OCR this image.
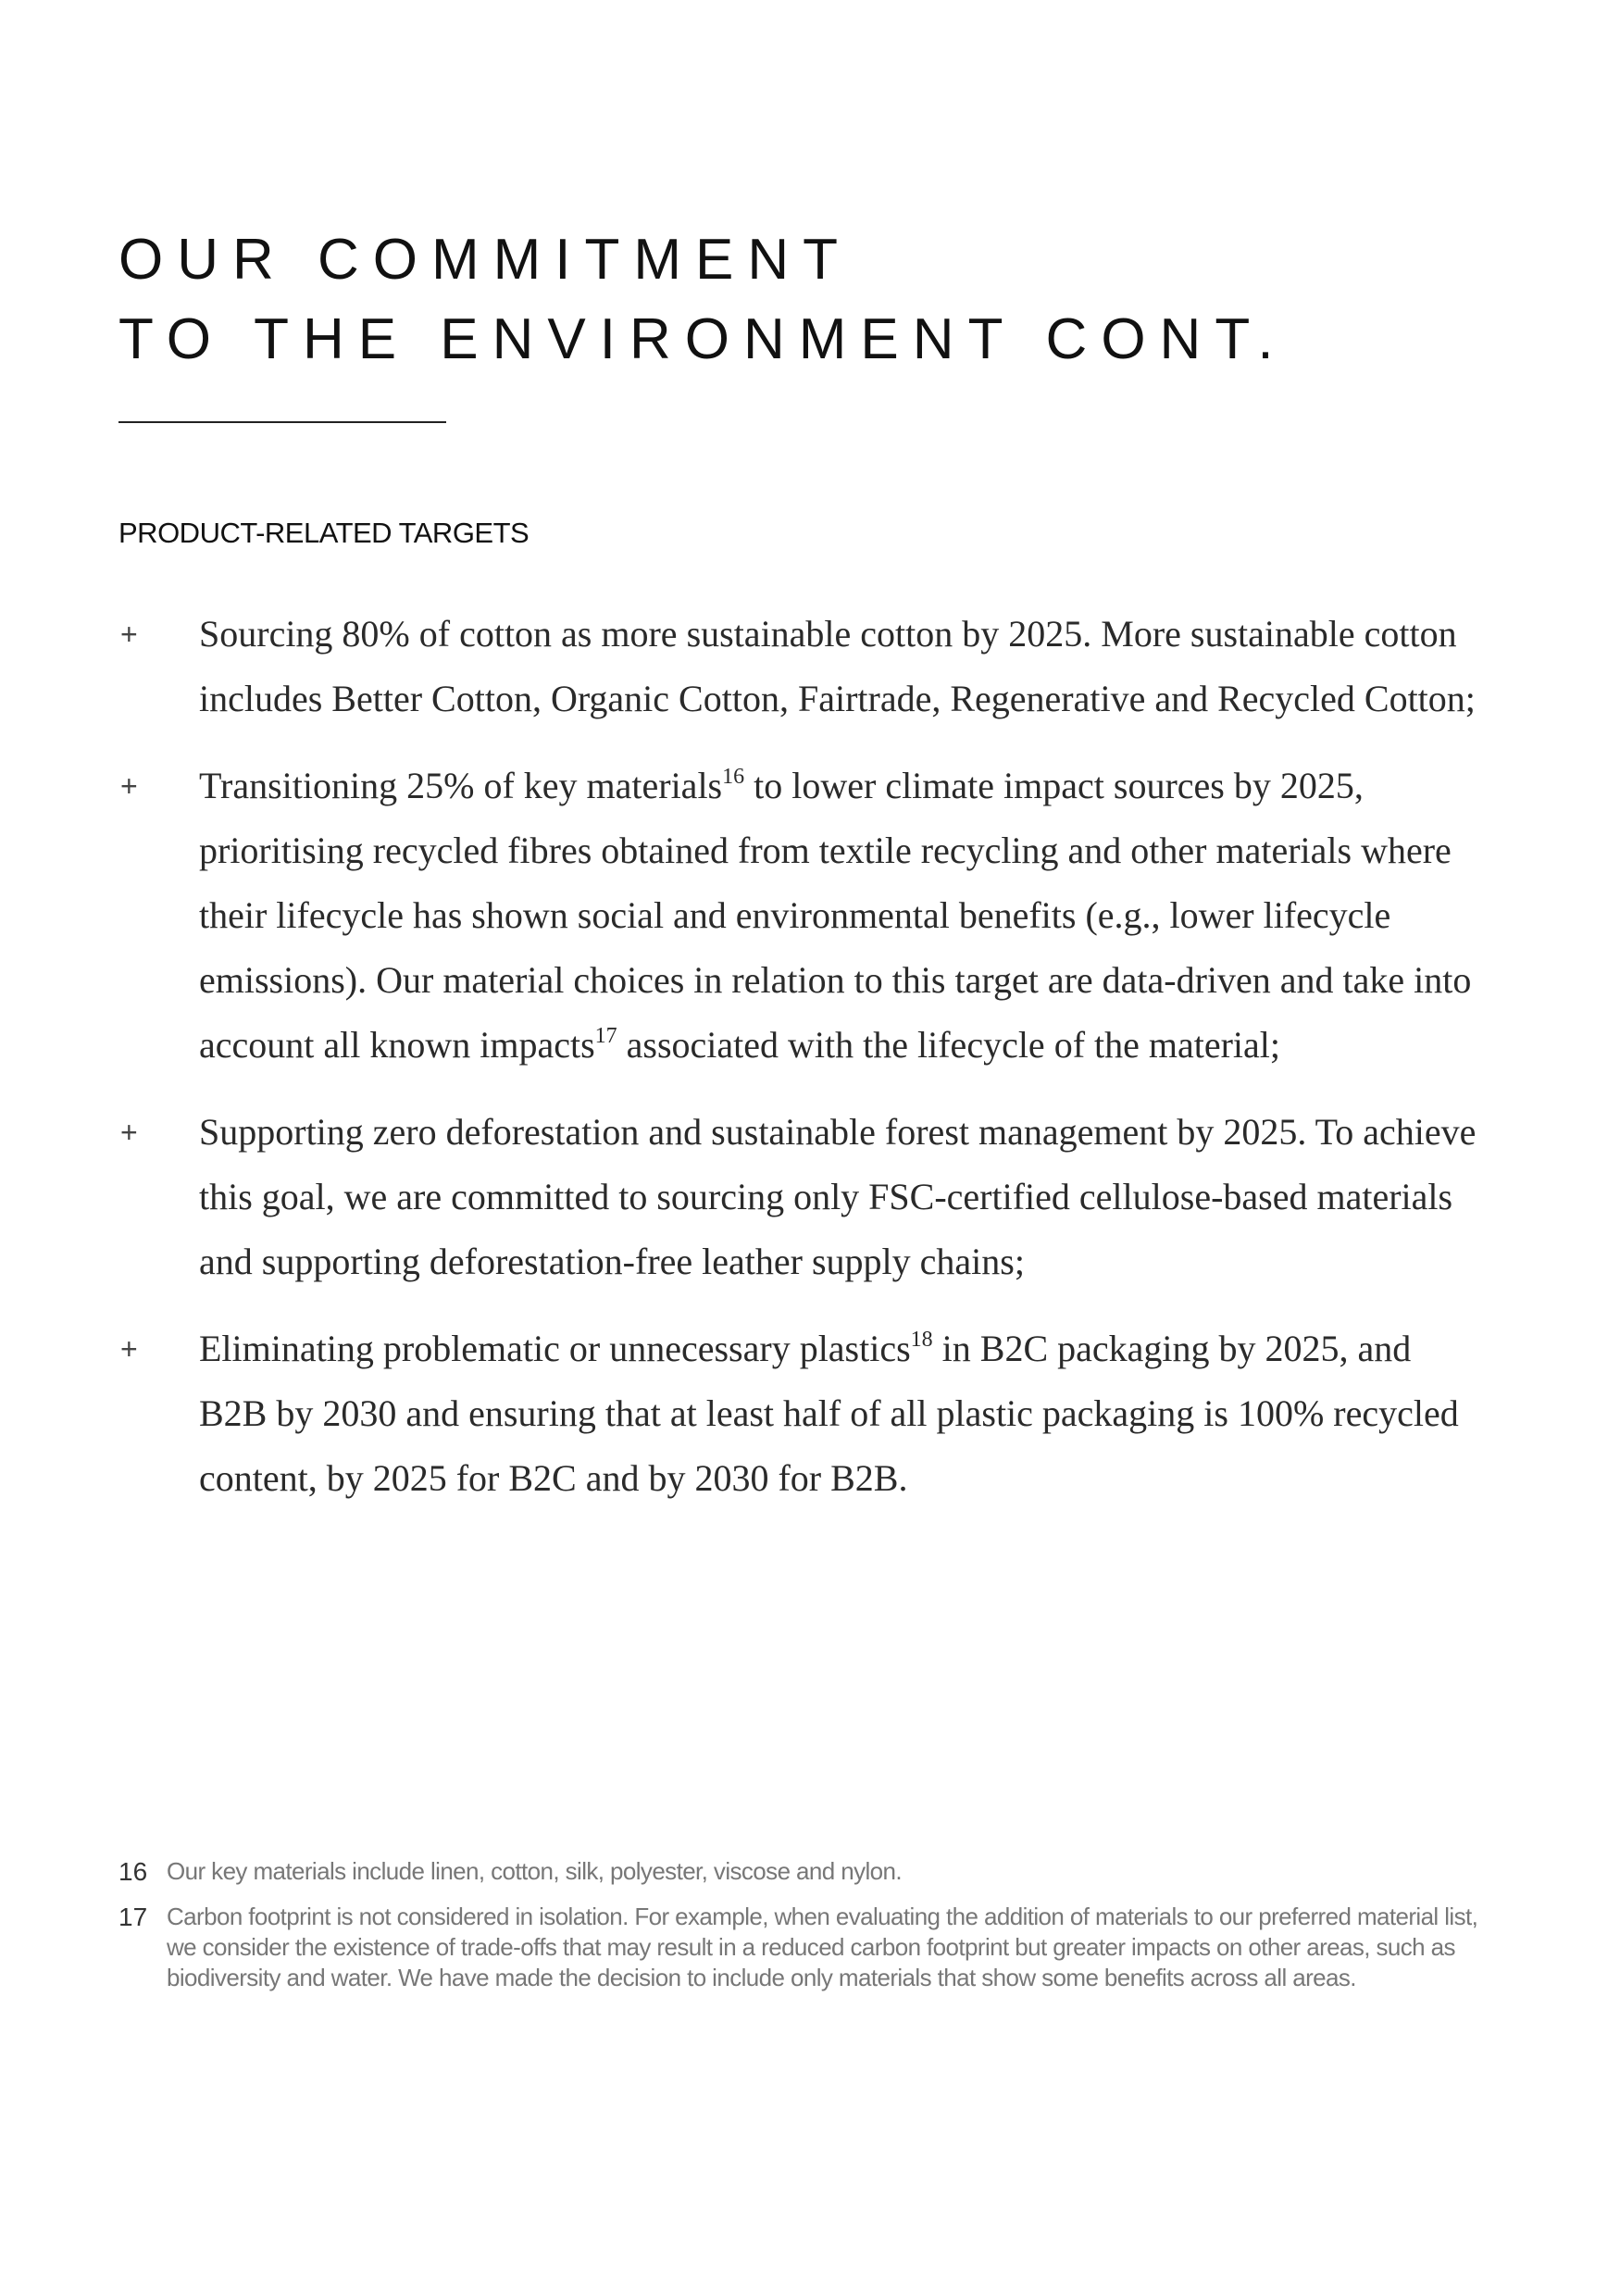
OUR COMMITMENT
TO THE ENVIRONMENT CONT.
PRODUCT-RELATED TARGETS
+ Sourcing 80% of cotton as more sustainable cotton by 2025. More sustainable cotton includes Better Cotton, Organic Cotton, Fairtrade, Regenerative and Recycled Cotton;
+ Transitioning 25% of key materials$^{16}$ to lower climate impact sources by 2025, prioritising recycled fibres obtained from textile recycling and other materials where their lifecycle has shown social and environmental benefits (e.g., lower lifecycle emissions). Our material choices in relation to this target are data-driven and take into account all known impacts$^{17}$ associated with the lifecycle of the material;
+ Supporting zero deforestation and sustainable forest management by 2025. To achieve this goal, we are committed to sourcing only FSC-certified cellulose-based materials and supporting deforestation-free leather supply chains;
+ Eliminating problematic or unnecessary plastics$^{18}$ in B2C packaging by 2025, and B2B by 2030 and ensuring that at least half of all plastic packaging is 100% recycled content, by 2025 for B2C and by 2030 for B2B.
16 Our key materials include linen, cotton, silk, polyester, viscose and nylon.
17 Carbon footprint is not considered in isolation. For example, when evaluating the addition of materials to our preferred material list, we consider the existence of trade-offs that may result in a reduced carbon footprint but greater impacts on other areas, such as biodiversity and water. We have made the decision to include only materials that show some benefits across all areas.
